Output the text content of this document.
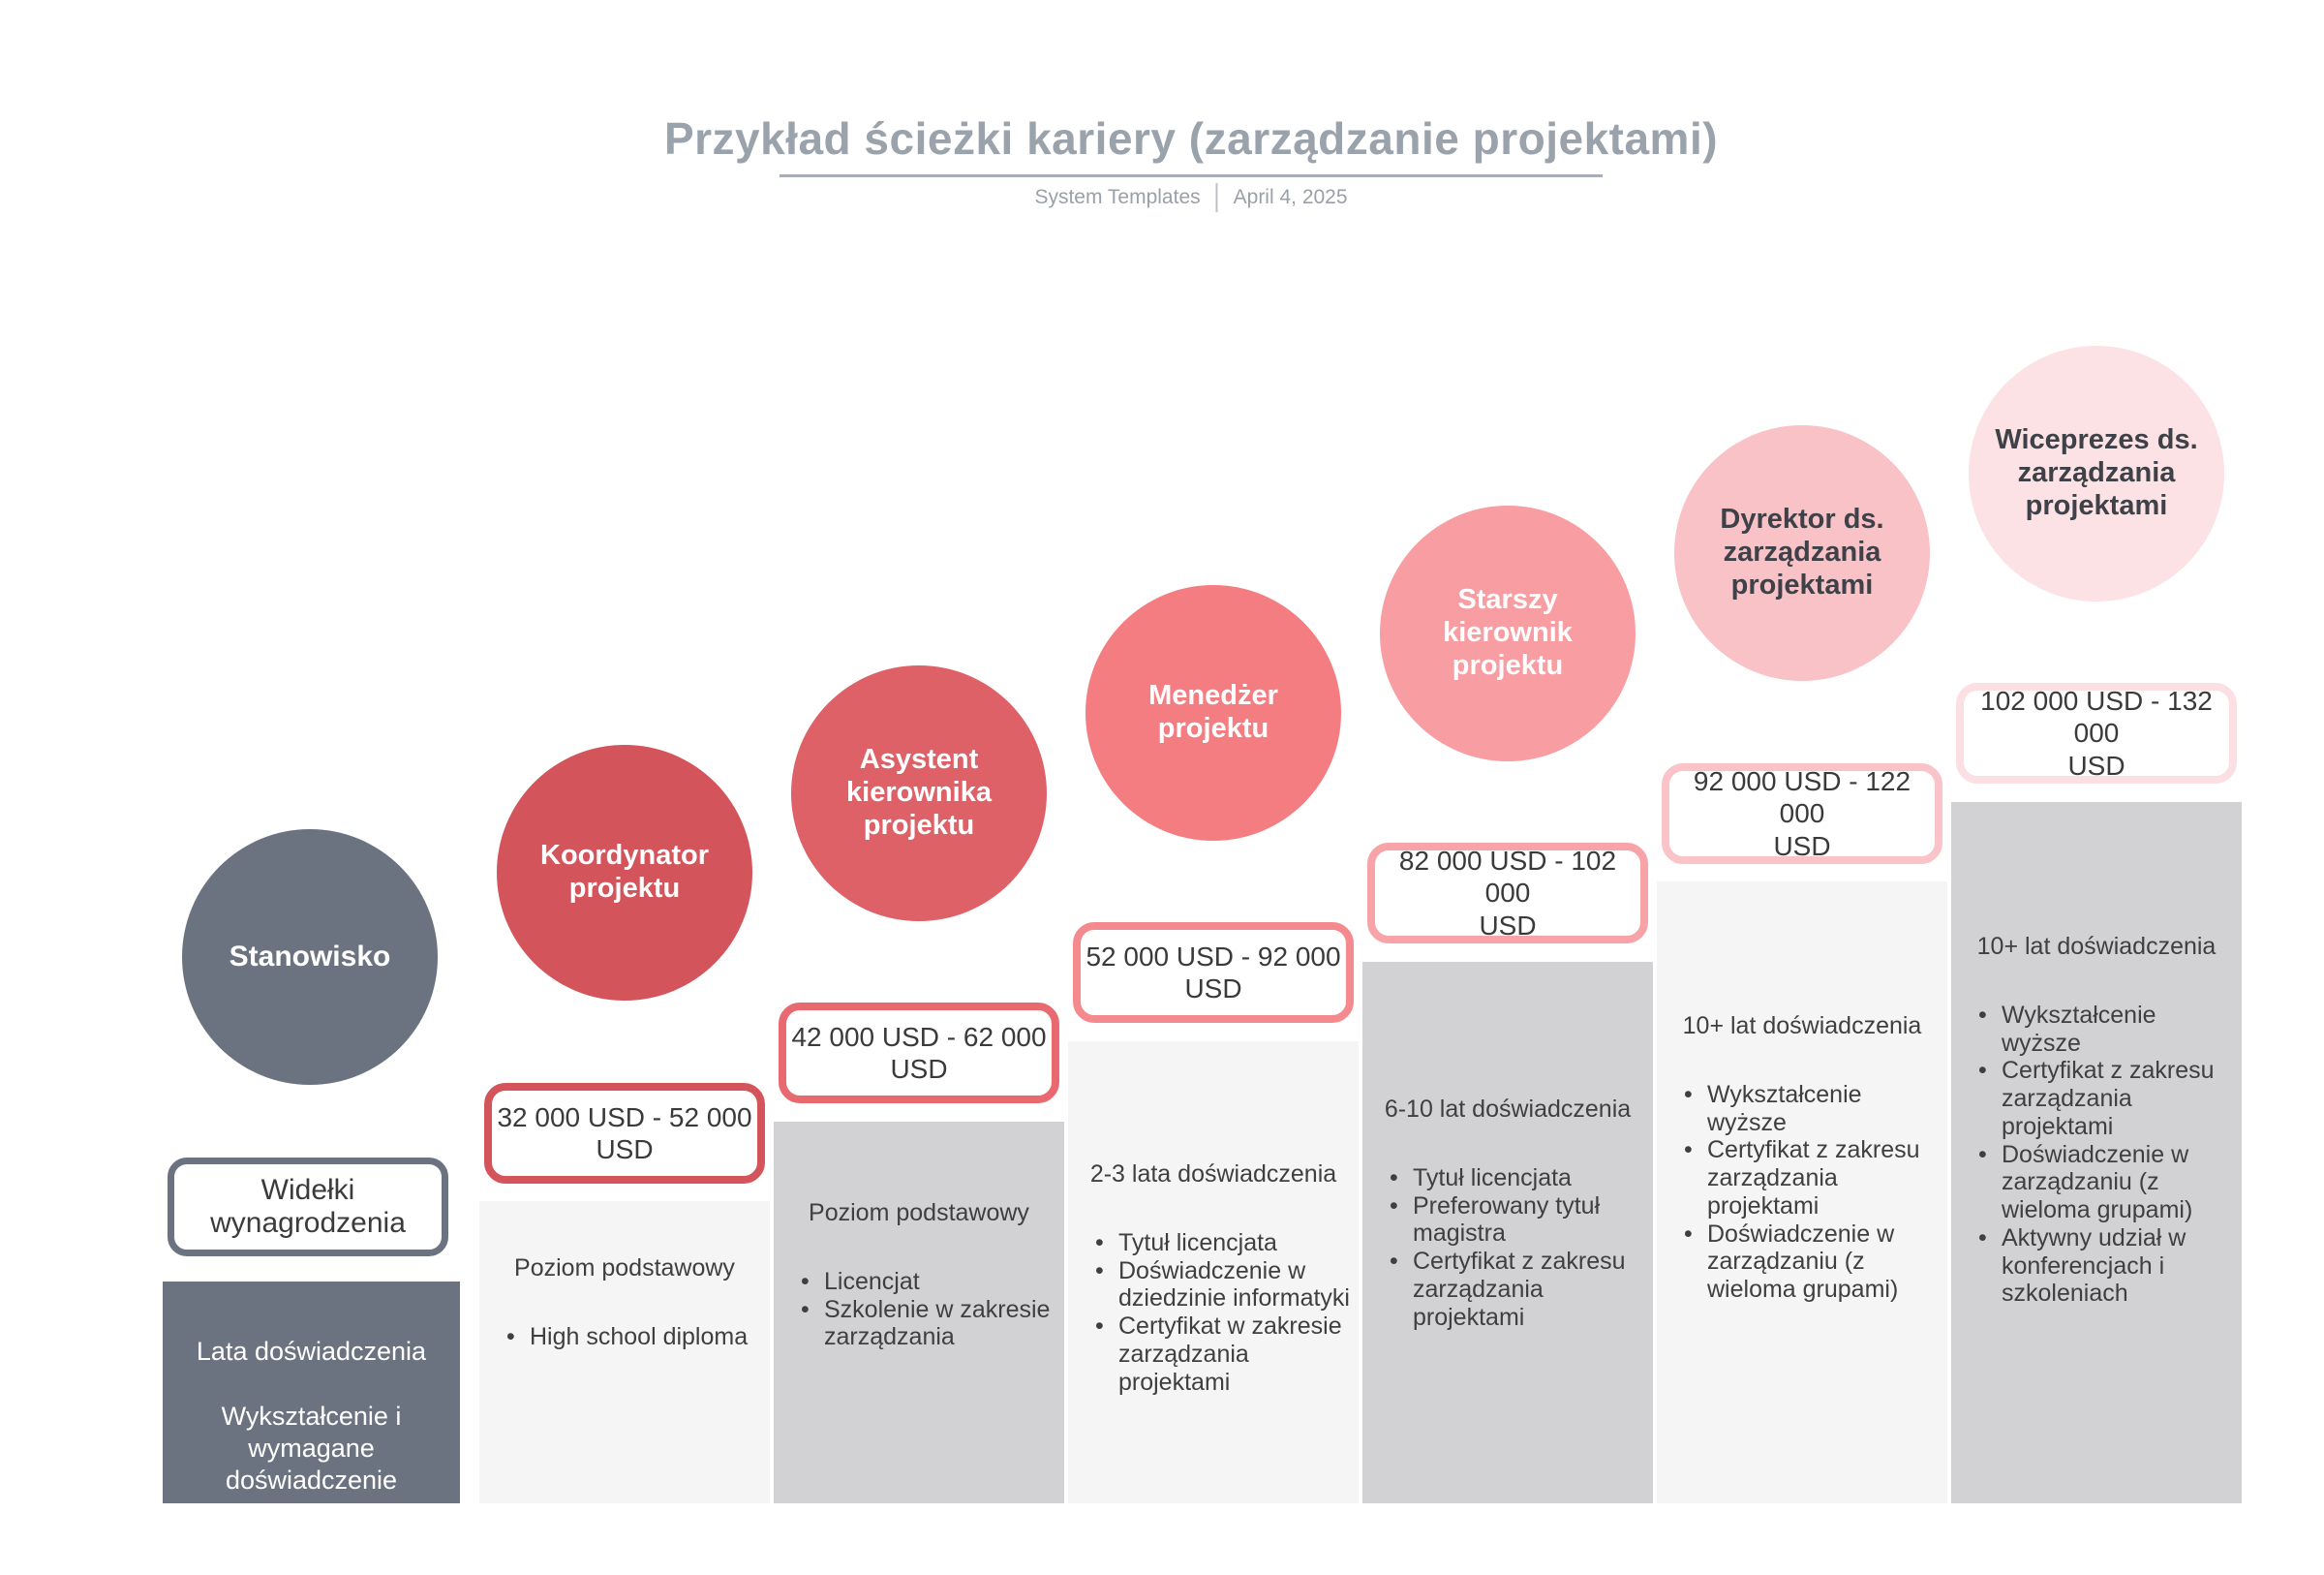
Przykład ścieżki kariery (zarządzanie projektami)
System Templates April 4, 2025
Stanowisko
Widełki wynagrodzenia
Lata doświadczenia
Wykształcenie i wymagane doświadczenie
Koordynator projektu
32 000 USD - 52 000
USD
Poziom podstawowy
• High school diploma
Asystent kierownika projektu
42 000 USD - 62 000
USD
Poziom podstawowy
• Licencjat
• Szkolenie w zakresie zarządzania
Menedżer projektu
52 000 USD - 92 000
USD
2-3 lata doświadczenia
• Tytuł licencjata
• Doświadczenie w dziedzinie informatyki
• Certyfikat w zakresie zarządzania projektami
Starszy kierownik projektu
82 000 USD - 102 000
USD
6-10 lat doświadczenia
• Tytuł licencjata
• Preferowany tytuł magistra
• Certyfikat z zakresu zarządzania projektami
Dyrektor ds. zarządzania projektami
92 000 USD - 122 000
USD
10+ lat doświadczenia
• Wykształcenie wyższe
• Certyfikat z zakresu zarządzania projektami
• Doświadczenie w zarządzaniu (z wieloma grupami)
Wiceprezes ds. zarządzania projektami
102 000 USD - 132 000
USD
10+ lat doświadczenia
• Wykształcenie wyższe
• Certyfikat z zakresu zarządzania projektami
• Doświadczenie w zarządzaniu (z wieloma grupami)
• Aktywny udział w konferencjach i szkoleniach
